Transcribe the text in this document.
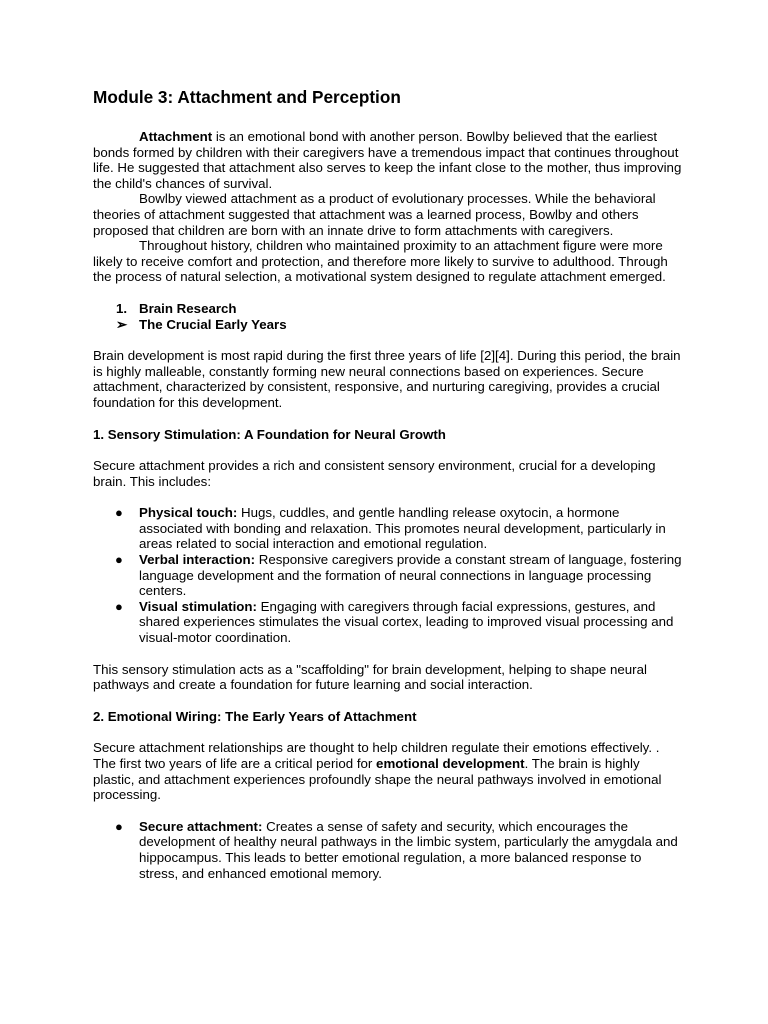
Module 3: Attachment and Perception

Attachment is an emotional bond with another person. Bowlby believed that the earliest bonds formed by children with their caregivers have a tremendous impact that continues throughout life. He suggested that attachment also serves to keep the infant close to the mother, thus improving the child's chances of survival.

Bowlby viewed attachment as a product of evolutionary processes. While the behavioral theories of attachment suggested that attachment was a learned process, Bowlby and others proposed that children are born with an innate drive to form attachments with caregivers.

Throughout history, children who maintained proximity to an attachment figure were more likely to receive comfort and protection, and therefore more likely to survive to adulthood. Through the process of natural selection, a motivational system designed to regulate attachment emerged.

1. Brain Research
➢ The Crucial Early Years

Brain development is most rapid during the first three years of life [2][4]. During this period, the brain is highly malleable, constantly forming new neural connections based on experiences. Secure attachment, characterized by consistent, responsive, and nurturing caregiving, provides a crucial foundation for this development.

1. Sensory Stimulation: A Foundation for Neural Growth

Secure attachment provides a rich and consistent sensory environment, crucial for a developing brain. This includes:

● Physical touch: Hugs, cuddles, and gentle handling release oxytocin, a hormone associated with bonding and relaxation. This promotes neural development, particularly in areas related to social interaction and emotional regulation.
● Verbal interaction: Responsive caregivers provide a constant stream of language, fostering language development and the formation of neural connections in language processing centers.
● Visual stimulation: Engaging with caregivers through facial expressions, gestures, and shared experiences stimulates the visual cortex, leading to improved visual processing and visual-motor coordination.

This sensory stimulation acts as a "scaffolding" for brain development, helping to shape neural pathways and create a foundation for future learning and social interaction.

2. Emotional Wiring: The Early Years of Attachment

Secure attachment relationships are thought to help children regulate their emotions effectively. . The first two years of life are a critical period for emotional development. The brain is highly plastic, and attachment experiences profoundly shape the neural pathways involved in emotional processing.

● Secure attachment: Creates a sense of safety and security, which encourages the development of healthy neural pathways in the limbic system, particularly the amygdala and hippocampus. This leads to better emotional regulation, a more balanced response to stress, and enhanced emotional memory.
